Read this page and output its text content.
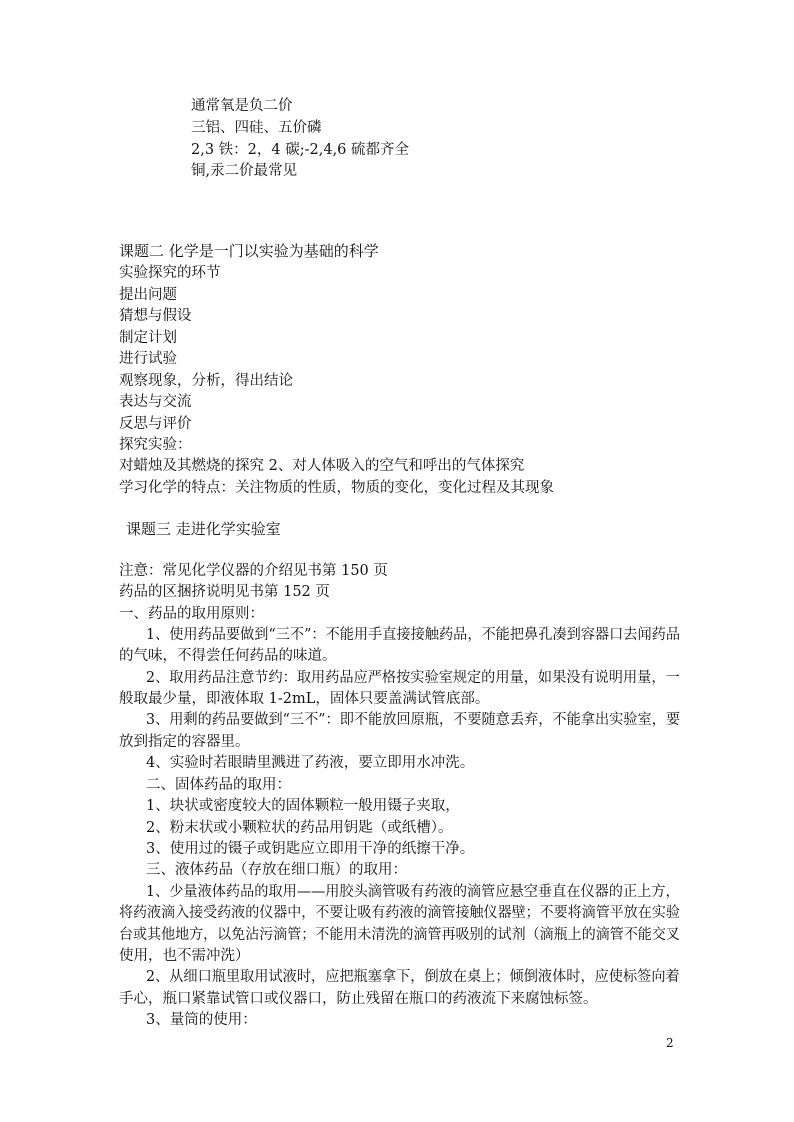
通常氧是负二价
三铝、四硅、五价磷
2,3 铁：2，4 碳;-2,4,6 硫都齐全
铜,汞二价最常见
课题二 化学是一门以实验为基础的科学
实验探究的环节
提出问题
猜想与假设
制定计划
进行试验
观察现象，分析，得出结论
表达与交流
反思与评价
探究实验：
对蜡烛及其燃烧的探究 2、对人体吸入的空气和呼出的气体探究
学习化学的特点：关注物质的性质，物质的变化，变化过程及其现象
课题三 走进化学实验室
注意：常见化学仪器的介绍见书第 150 页
药品的区捆挤说明见书第 152 页
一、药品的取用原则：
1、使用药品要做到“三不”：不能用手直接接触药品，不能把鼻孔凑到容器口去闻药品
的气味，不得尝任何药品的味道。
2、取用药品注意节约：取用药品应严格按实验室规定的用量，如果没有说明用量，一
般取最少量，即液体取 1-2mL，固体只要盖满试管底部。
3、用剩的药品要做到“三不”：即不能放回原瓶，不要随意丢弃，不能拿出实验室，要
放到指定的容器里。
4、实验时若眼睛里溅进了药液，要立即用水冲洗。
二、固体药品的取用：
1、块状或密度较大的固体颗粒一般用镊子夹取，
2、粉末状或小颗粒状的药品用钥匙（或纸槽）。
3、使用过的镊子或钥匙应立即用干净的纸擦干净。
三、液体药品（存放在细口瓶）的取用：
1、少量液体药品的取用——用胶头滴管吸有药液的滴管应悬空垂直在仪器的正上方，
将药液滴入接受药液的仪器中，不要让吸有药液的滴管接触仪器壁；不要将滴管平放在实验
台或其他地方，以免沾污滴管；不能用未清洗的滴管再吸别的试剂（滴瓶上的滴管不能交叉
使用，也不需冲洗）
2、从细口瓶里取用试液时，应把瓶塞拿下，倒放在桌上；倾倒液体时，应使标签向着
手心，瓶口紧靠试管口或仪器口，防止残留在瓶口的药液流下来腐蚀标签。
3、量筒的使用：
2
